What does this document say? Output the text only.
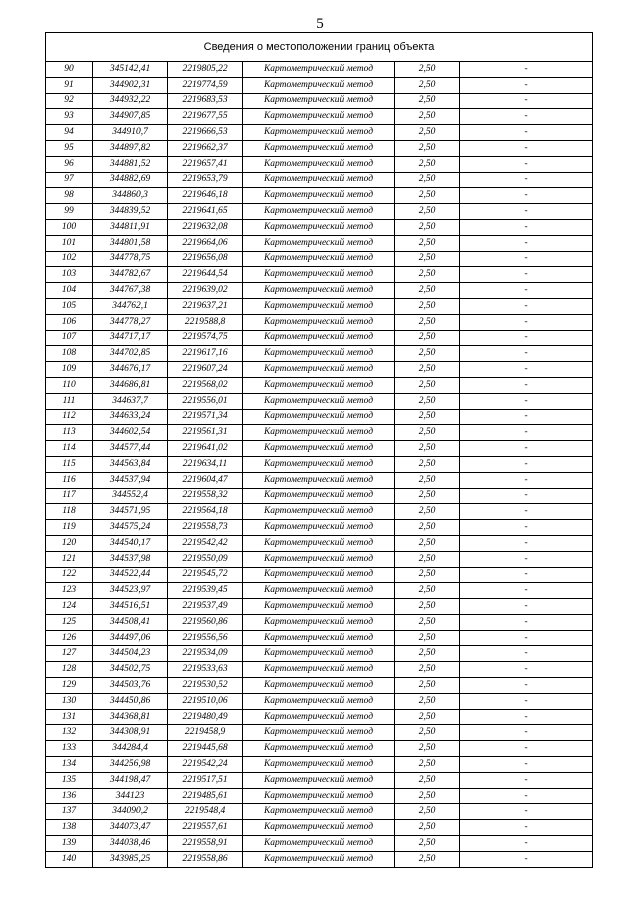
5
Сведения о местоположении границ объекта					
90	345142,41	2219805,22	Картометрический метод	2,50	-
91	344902,31	2219774,59	Картометрический метод	2,50	-
92	344932,22	2219683,53	Картометрический метод	2,50	-
93	344907,85	2219677,55	Картометрический метод	2,50	-
94	344910,7	2219666,53	Картометрический метод	2,50	-
95	344897,82	2219662,37	Картометрический метод	2,50	-
96	344881,52	2219657,41	Картометрический метод	2,50	-
97	344882,69	2219653,79	Картометрический метод	2,50	-
98	344860,3	2219646,18	Картометрический метод	2,50	-
99	344839,52	2219641,65	Картометрический метод	2,50	-
100	344811,91	2219632,08	Картометрический метод	2,50	-
101	344801,58	2219664,06	Картометрический метод	2,50	-
102	344778,75	2219656,08	Картометрический метод	2,50	-
103	344782,67	2219644,54	Картометрический метод	2,50	-
104	344767,38	2219639,02	Картометрический метод	2,50	-
105	344762,1	2219637,21	Картометрический метод	2,50	-
106	344778,27	2219588,8	Картометрический метод	2,50	-
107	344717,17	2219574,75	Картометрический метод	2,50	-
108	344702,85	2219617,16	Картометрический метод	2,50	-
109	344676,17	2219607,24	Картометрический метод	2,50	-
110	344686,81	2219568,02	Картометрический метод	2,50	-
111	344637,7	2219556,01	Картометрический метод	2,50	-
112	344633,24	2219571,34	Картометрический метод	2,50	-
113	344602,54	2219561,31	Картометрический метод	2,50	-
114	344577,44	2219641,02	Картометрический метод	2,50	-
115	344563,84	2219634,11	Картометрический метод	2,50	-
116	344537,94	2219604,47	Картометрический метод	2,50	-
117	344552,4	2219558,32	Картометрический метод	2,50	-
118	344571,95	2219564,18	Картометрический метод	2,50	-
119	344575,24	2219558,73	Картометрический метод	2,50	-
120	344540,17	2219542,42	Картометрический метод	2,50	-
121	344537,98	2219550,09	Картометрический метод	2,50	-
122	344522,44	2219545,72	Картометрический метод	2,50	-
123	344523,97	2219539,45	Картометрический метод	2,50	-
124	344516,51	2219537,49	Картометрический метод	2,50	-
125	344508,41	2219560,86	Картометрический метод	2,50	-
126	344497,06	2219556,56	Картометрический метод	2,50	-
127	344504,23	2219534,09	Картометрический метод	2,50	-
128	344502,75	2219533,63	Картометрический метод	2,50	-
129	344503,76	2219530,52	Картометрический метод	2,50	-
130	344450,86	2219510,06	Картометрический метод	2,50	-
131	344368,81	2219480,49	Картометрический метод	2,50	-
132	344308,91	2219458,9	Картометрический метод	2,50	-
133	344284,4	2219445,68	Картометрический метод	2,50	-
134	344256,98	2219542,24	Картометрический метод	2,50	-
135	344198,47	2219517,51	Картометрический метод	2,50	-
136	344123	2219485,61	Картометрический метод	2,50	-
137	344090,2	2219548,4	Картометрический метод	2,50	-
138	344073,47	2219557,61	Картометрический метод	2,50	-
139	344038,46	2219558,91	Картометрический метод	2,50	-
140	343985,25	2219558,86	Картометрический метод	2,50	-
